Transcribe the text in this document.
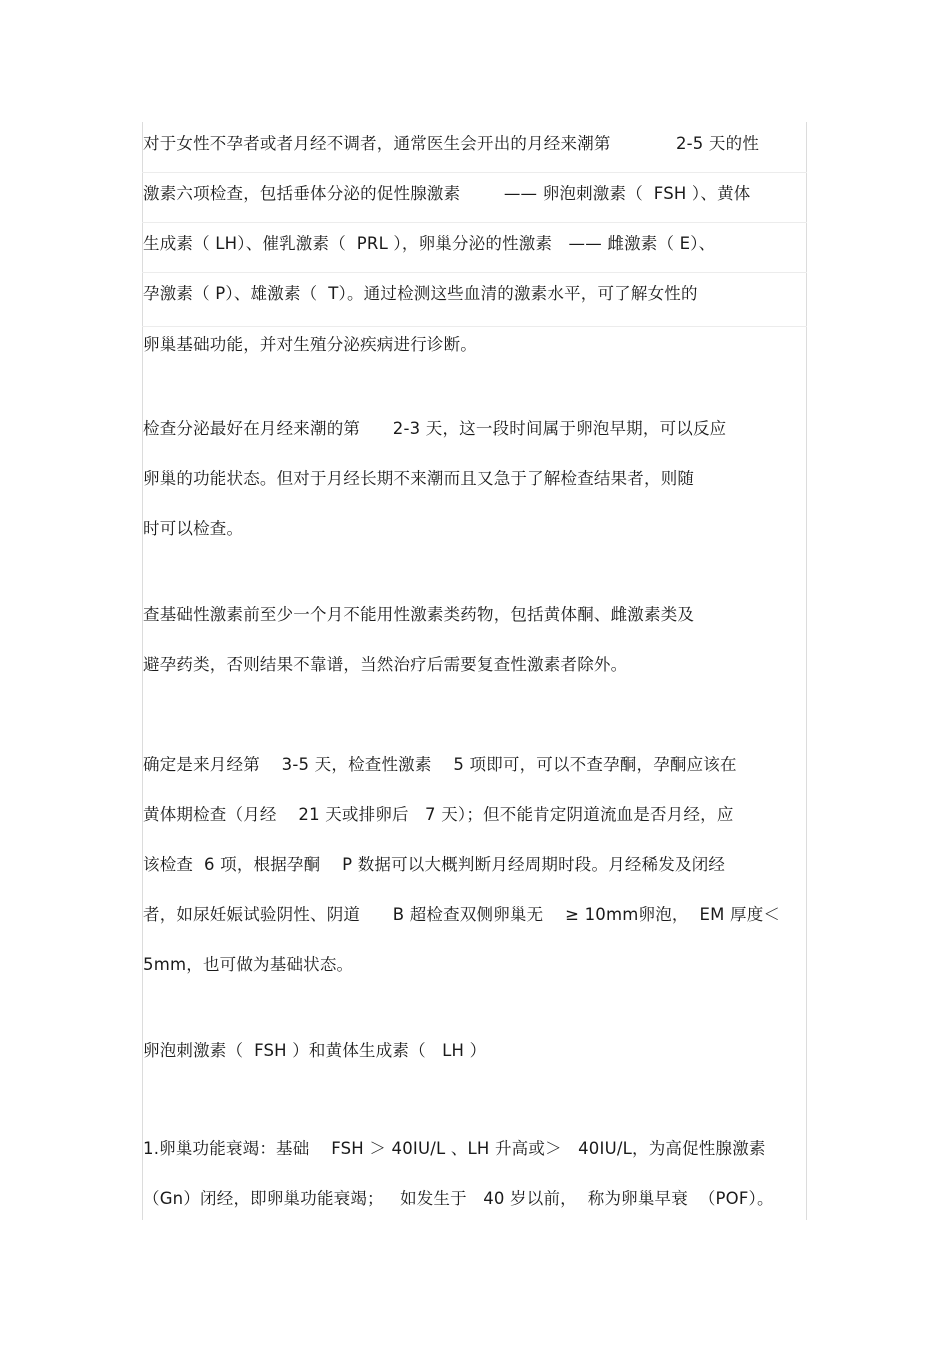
对于女性不孕者或者月经不调者，通常医生会开出的月经来潮第            2-5 天的性
激素六项检查，包括垂体分泌的促性腺激素        —— 卵泡刺激素（  FSH ）、黄体
生成素（ LH）、催乳激素（  PRL ），卵巢分泌的性激素   —— 雌激素（ E）、
孕激素（ P）、雄激素（  T）。通过检测这些血清的激素水平，可了解女性的
卵巢基础功能，并对生殖分泌疾病进行诊断。
检查分泌最好在月经来潮的第      2-3 天，这一段时间属于卵泡早期，可以反应
卵巢的功能状态。但对于月经长期不来潮而且又急于了解检查结果者，则随
时可以检查。
查基础性激素前至少一个月不能用性激素类药物，包括黄体酮、雌激素类及
避孕药类，否则结果不靠谱，当然治疗后需要复查性激素者除外。
确定是来月经第    3-5 天，检查性激素    5 项即可，可以不查孕酮，孕酮应该在
黄体期检查（月经    21 天或排卵后   7 天）；但不能肯定阴道流血是否月经，应
该检查  6 项，根据孕酮    P 数据可以大概判断月经周期时段。月经稀发及闭经
者，如尿妊娠试验阴性、阴道      B 超检查双侧卵巢无    ≥ 10mm卵泡，  EM 厚度＜
5mm，也可做为基础状态。
卵泡刺激素（  FSH ）和黄体生成素（   LH ）
1.卵巢功能衰竭：基础    FSH ＞ 40IU/L 、LH 升高或＞   40IU/L，为高促性腺激素
（Gn）闭经，即卵巢功能衰竭；   如发生于   40 岁以前，  称为卵巢早衰  （POF）。
